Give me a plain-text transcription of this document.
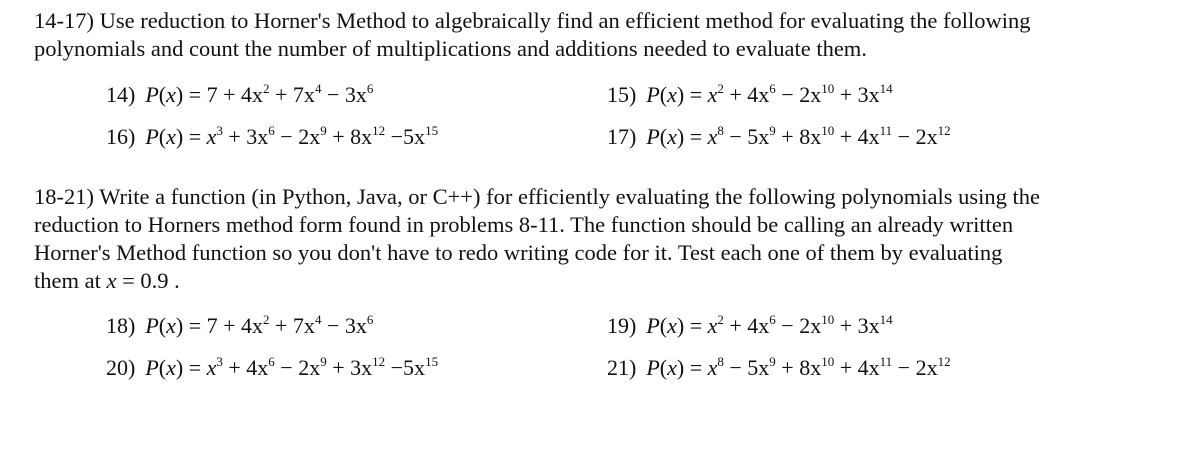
14-17) Use reduction to Horner's Method to algebraically find an efficient method for evaluating the following
polynomials and count the number of multiplications and additions needed to evaluate them.
14) $P(x) = 7 + 4x^2 + 7x^4 - 3x^6$	15) $P(x) = x^2 + 4x^6 - 2x^{10} + 3x^{14}$
16) $P(x) = x^3 + 3x^6 - 2x^9 + 8x^{12} -5x^{15}$	17) $P(x) = x^8 - 5x^9 + 8x^{10} + 4x^{11} - 2x^{12}$
18-21) Write a function (in Python, Java, or C++) for efficiently evaluating the following polynomials using the
reduction to Horners method form found in problems 8-11. The function should be calling an already written
Horner's Method function so you don't have to redo writing code for it. Test each one of them by evaluating
them at x = 0.9 .
18) $P(x) = 7 + 4x^2 + 7x^4 - 3x^6$	19) $P(x) = x^2 + 4x^6 - 2x^{10} + 3x^{14}$
20) $P(x) = x^3 + 4x^6 - 2x^9 + 3x^{12} -5x^{15}$	21) $P(x) = x^8 - 5x^9 + 8x^{10} + 4x^{11} - 2x^{12}$
